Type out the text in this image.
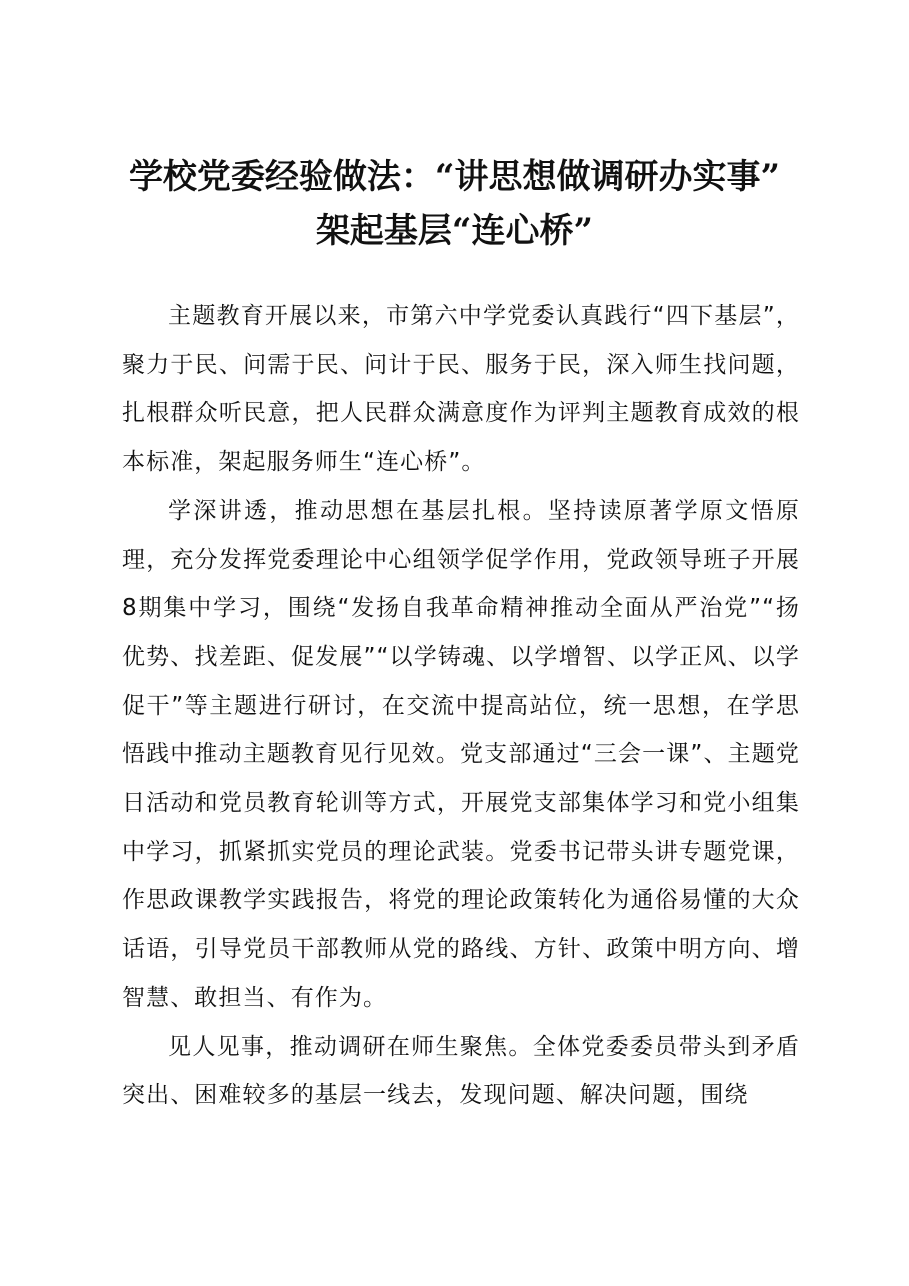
学校党委经验做法：“讲思想做调研办实事”
架起基层“连心桥”

主题教育开展以来，市第六中学党委认真践行“四下基层”，聚力于民、问需于民、问计于民、服务于民，深入师生找问题，扎根群众听民意，把人民群众满意度作为评判主题教育成效的根本标准，架起服务师生“连心桥”。

学深讲透，推动思想在基层扎根。坚持读原著学原文悟原理，充分发挥党委理论中心组领学促学作用，党政领导班子开展8期集中学习，围绕“发扬自我革命精神推动全面从严治党”“扬优势、找差距、促发展”“以学铸魂、以学增智、以学正风、以学促干”等主题进行研讨，在交流中提高站位，统一思想，在学思悟践中推动主题教育见行见效。党支部通过“三会一课”、主题党日活动和党员教育轮训等方式，开展党支部集体学习和党小组集中学习，抓紧抓实党员的理论武装。党委书记带头讲专题党课，作思政课教学实践报告，将党的理论政策转化为通俗易懂的大众话语，引导党员干部教师从党的路线、方针、政策中明方向、增智慧、敢担当、有作为。

见人见事，推动调研在师生聚焦。全体党委委员带头到矛盾突出、困难较多的基层一线去，发现问题、解决问题，围绕
